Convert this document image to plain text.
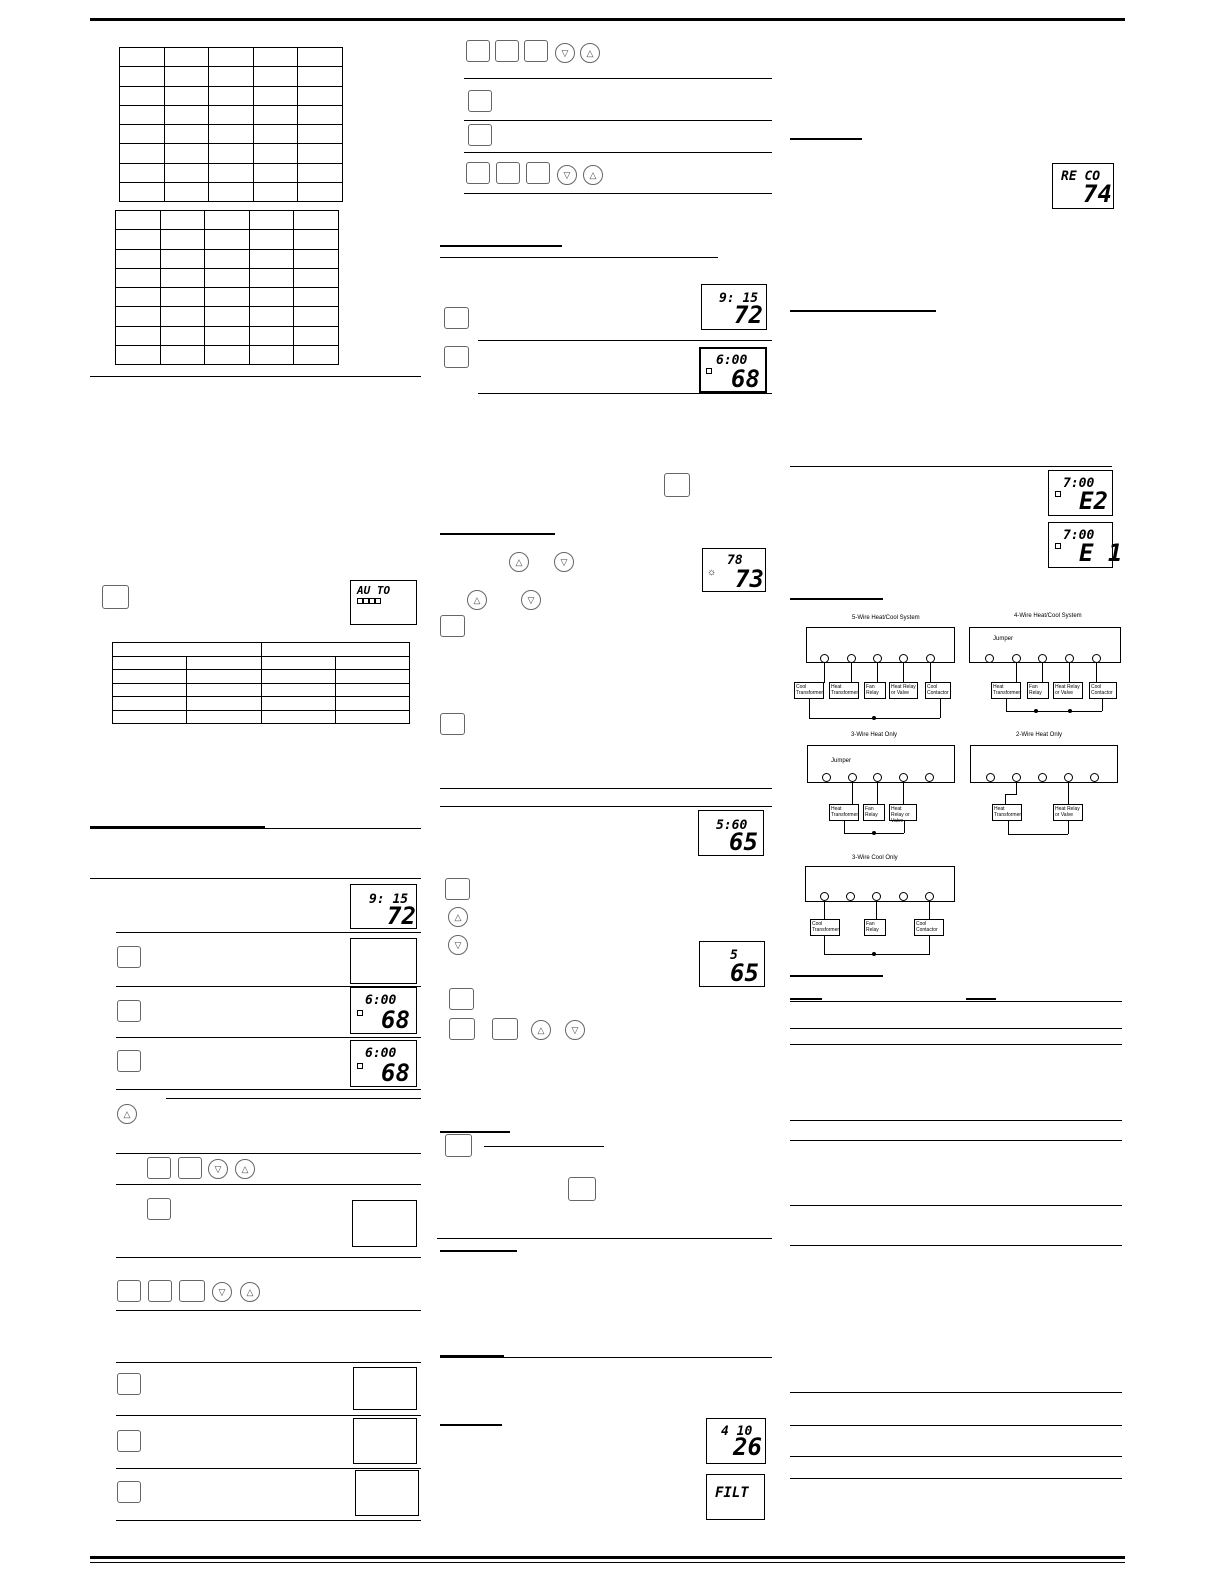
AU TO

9: 15
72
6:00
68
6:00
68
△
▽	△
▽	△
▽	△
▽	△
9: 15
72
6:00
68
△	▽
☼
78
73
△	▽
5:60
65
△
▽
5
65
△	▽
4 10
26
FILT
RE CO
74
7:00
E2
7:00
E 1
5-Wire Heat/Cool System
Cool Transformer
Heat Transformer
Fan Relay
Heat Relay or Valve
Cool Contactor
4-Wire Heat/Cool System
Jumper
Heat Transformer
Fan Relay
Heat Relay or Valve
Cool Contactor
3-Wire Heat Only
Jumper
Heat Transformer
Fan Relay
Heat Relay or Valve
2-Wire Heat Only
Heat Transformer
Heat Relay or Valve
3-Wire Cool Only
Cool Transformer
Fan Relay
Cool Contactor
